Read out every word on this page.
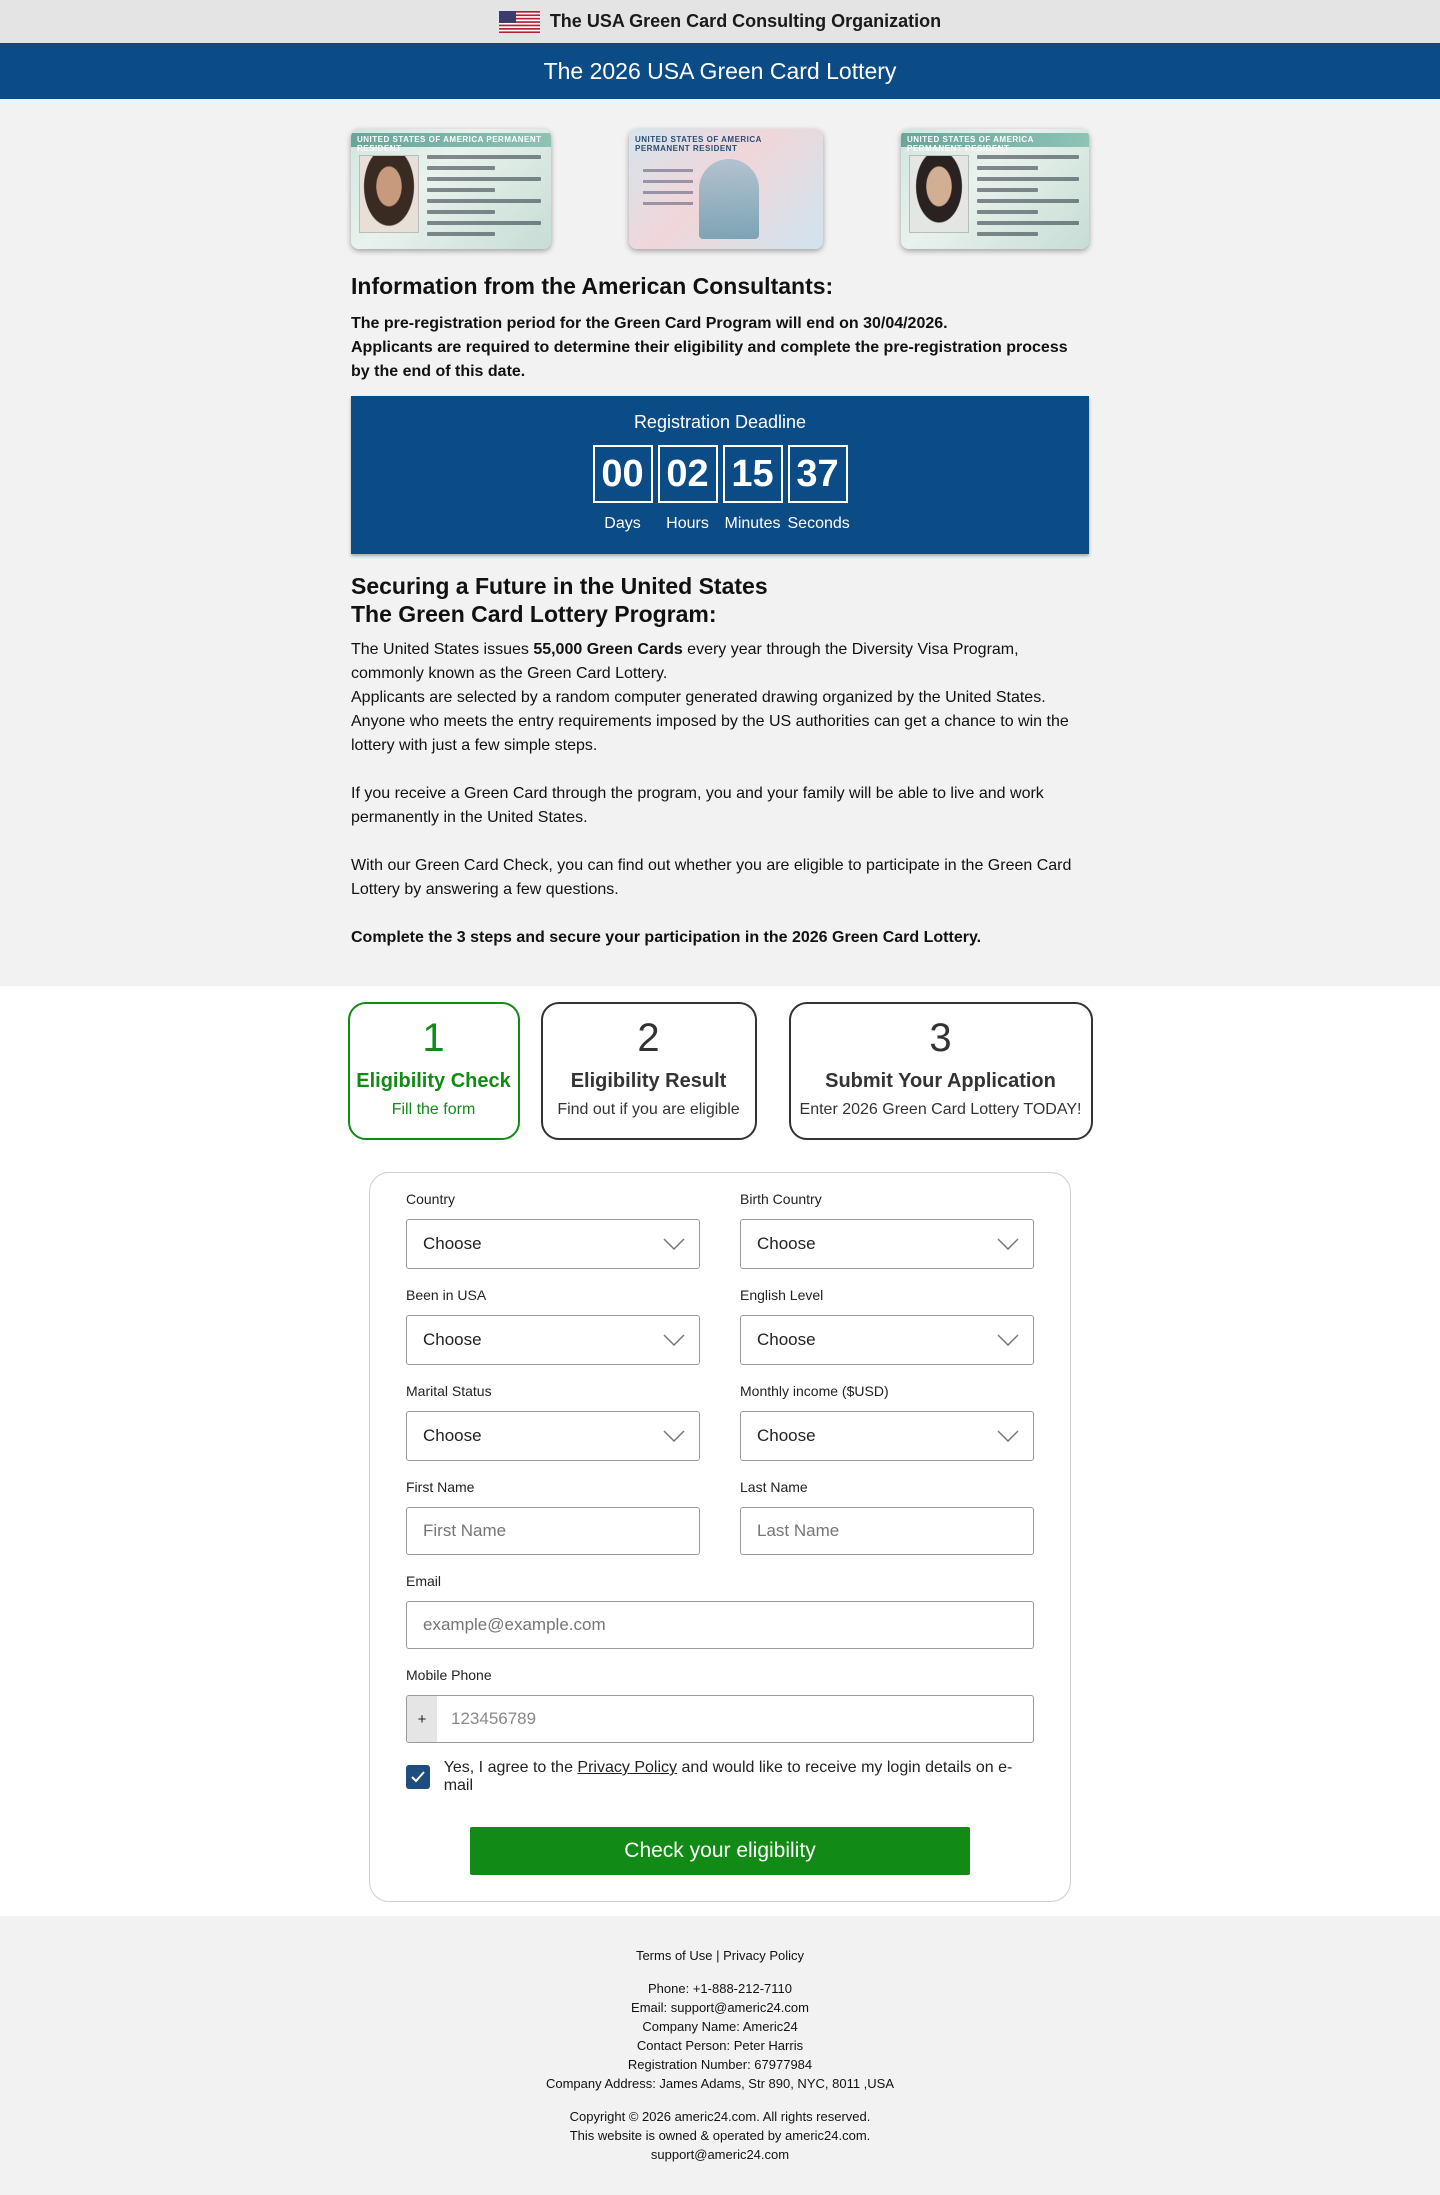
The USA Green Card Consulting Organization
The 2026 USA Green Card Lottery
UNITED STATES OF AMERICA PERMANENT RESIDENT
UNITED STATES OF AMERICA PERMANENT RESIDENT
UNITED STATES OF AMERICA PERMANENT RESIDENT
Information from the American Consultants:
The pre-registration period for the Green Card Program will end on 30/04/2026.
Applicants are required to determine their eligibility and complete the pre-registration process by the end of this date.
Registration Deadline
00
Days
02
Hours
15
Minutes
37
Seconds
Securing a Future in the United States
The Green Card Lottery Program:

The United States issues 55,000 Green Cards every year through the Diversity Visa Program, commonly known as the Green Card Lottery.
Applicants are selected by a random computer generated drawing organized by the United States. Anyone who meets the entry requirements imposed by the US authorities can get a chance to win the lottery with just a few simple steps.

If you receive a Green Card through the program, you and your family will be able to live and work permanently in the United States.

With our Green Card Check, you can find out whether you are eligible to participate in the Green Card Lottery by answering a few questions.

Complete the 3 steps and secure your participation in the 2026 Green Card Lottery.

1
Eligibility Check
Fill the form
2
Eligibility Result
Find out if you are eligible
3
Submit Your Application
Enter 2026 Green Card Lottery TODAY!
Country
Choose
Birth Country
Choose
Been in USA
Choose
English Level
Choose
Marital Status
Choose
Monthly income ($USD)
Choose
First Name
First Name	Last Name
Last Name
Email
example@example.com
Mobile Phone
+	123456789
Yes, I agree to the Privacy Policy and would like to receive my login details on e-mail
Check your eligibility
Terms of Use | Privacy Policy
Phone: +1-888-212-7110
Email: support@americ24.com
Company Name: Americ24
Contact Person: Peter Harris
Registration Number: 67977984
Company Address: James Adams, Str 890, NYC, 8011 ,USA
Copyright © 2026 americ24.com. All rights reserved.
This website is owned & operated by americ24.com.
support@americ24.com
